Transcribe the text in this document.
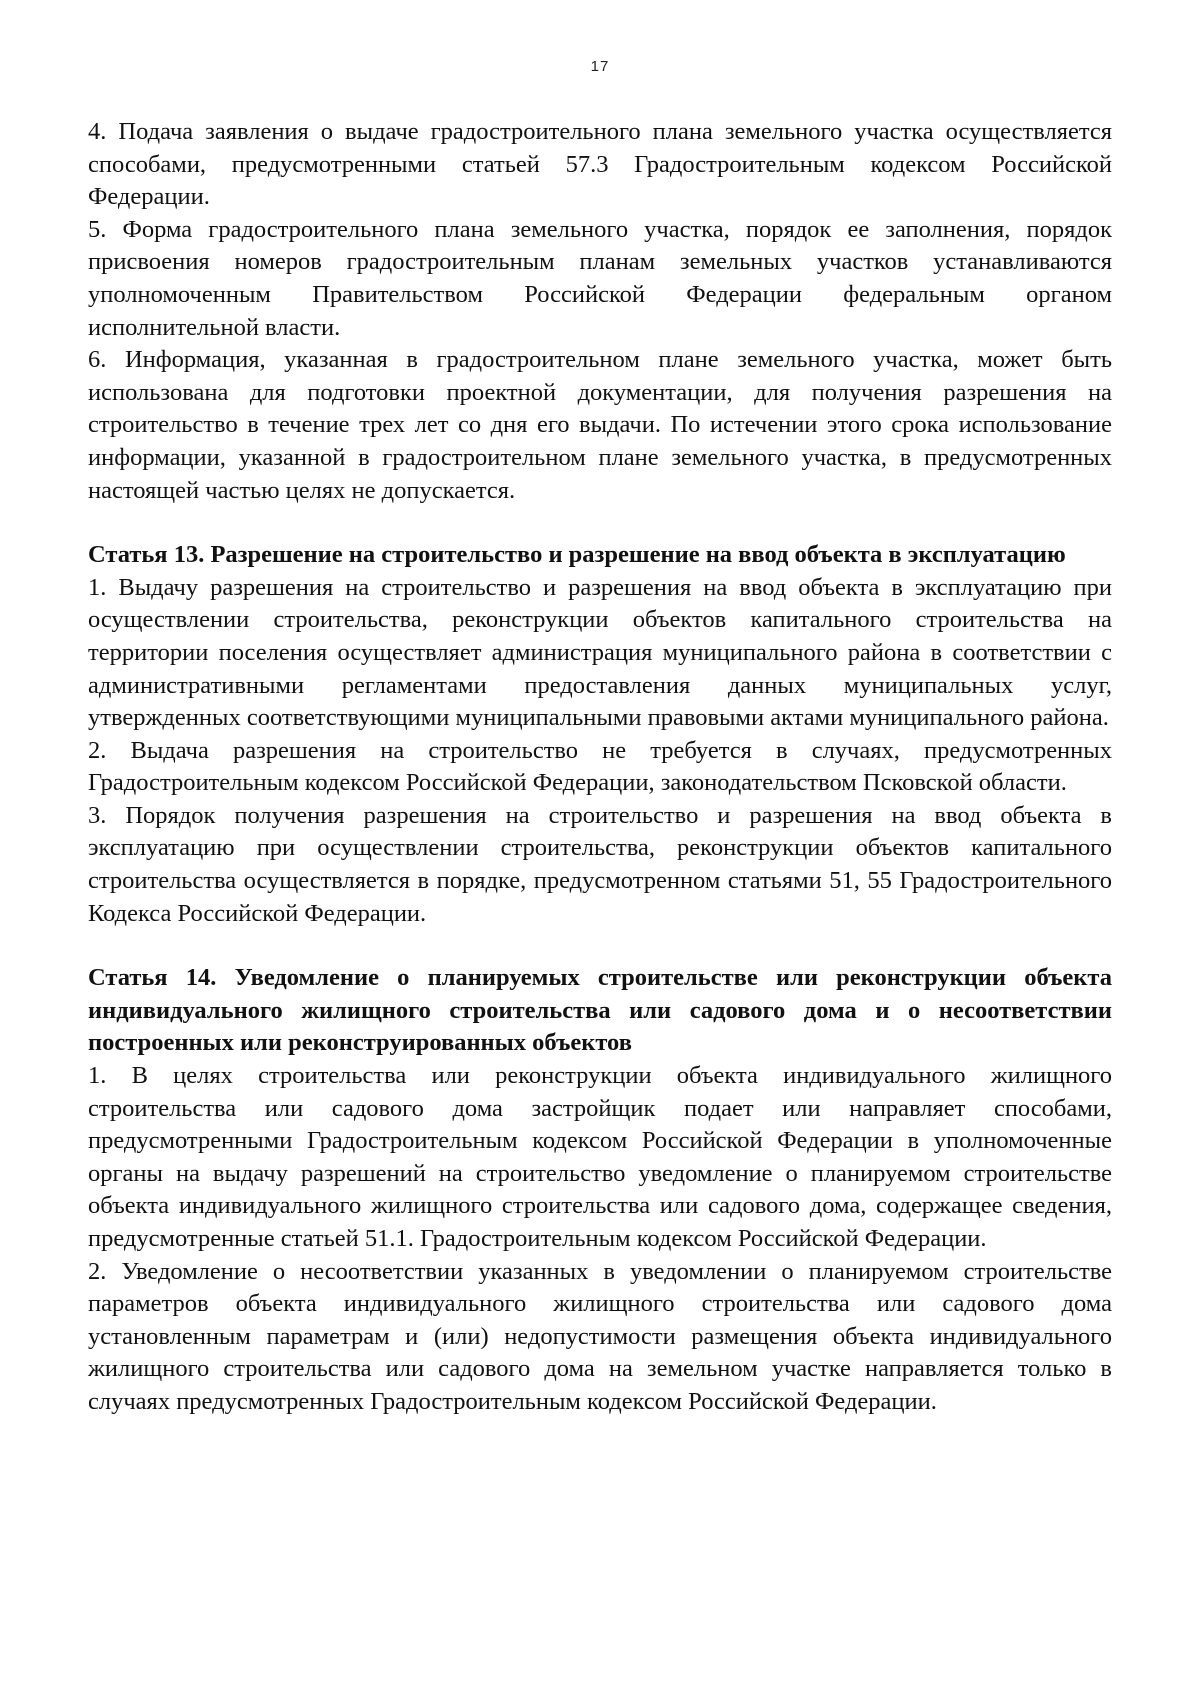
17

4. Подача заявления о выдаче градостроительного плана земельного участка осуществляется способами, предусмотренными статьей 57.3 Градостроительным кодексом Российской Федерации.

5. Форма градостроительного плана земельного участка, порядок ее заполнения, порядок присвоения номеров градостроительным планам земельных участков устанавливаются уполномоченным Правительством Российской Федерации федеральным органом исполнительной власти.

6. Информация, указанная в градостроительном плане земельного участка, может быть использована для подготовки проектной документации, для получения разрешения на строительство в течение трех лет со дня его выдачи. По истечении этого срока использование информации, указанной в градостроительном плане земельного участка, в предусмотренных настоящей частью целях не допускается.

Статья 13. Разрешение на строительство и разрешение на ввод объекта в эксплуатацию

1. Выдачу разрешения на строительство и разрешения на ввод объекта в эксплуатацию при осуществлении строительства, реконструкции объектов капитального строительства на территории поселения осуществляет администрация муниципального района в соответствии с административными регламентами предоставления данных муниципальных услуг, утвержденных соответствующими муниципальными правовыми актами муниципального района.

2. Выдача разрешения на строительство не требуется в случаях, предусмотренных Градостроительным кодексом Российской Федерации, законодательством Псковской области.

3. Порядок получения разрешения на строительство и разрешения на ввод объекта в эксплуатацию при осуществлении строительства, реконструкции объектов капитального строительства осуществляется в порядке, предусмотренном статьями 51, 55 Градостроительного Кодекса Российской Федерации.

Статья 14. Уведомление о планируемых строительстве или реконструкции объекта индивидуального жилищного строительства или садового дома и о несоответствии построенных или реконструированных объектов

1. В целях строительства или реконструкции объекта индивидуального жилищного строительства или садового дома застройщик подает или направляет способами, предусмотренными Градостроительным кодексом Российской Федерации в уполномоченные органы на выдачу разрешений на строительство уведомление о планируемом строительстве объекта индивидуального жилищного строительства или садового дома, содержащее сведения, предусмотренные статьей 51.1. Градостроительным кодексом Российской Федерации.

2. Уведомление о несоответствии указанных в уведомлении о планируемом строительстве параметров объекта индивидуального жилищного строительства или садового дома установленным параметрам и (или) недопустимости размещения объекта индивидуального жилищного строительства или садового дома на земельном участке направляется только в случаях предусмотренных Градостроительным кодексом Российской Федерации.
